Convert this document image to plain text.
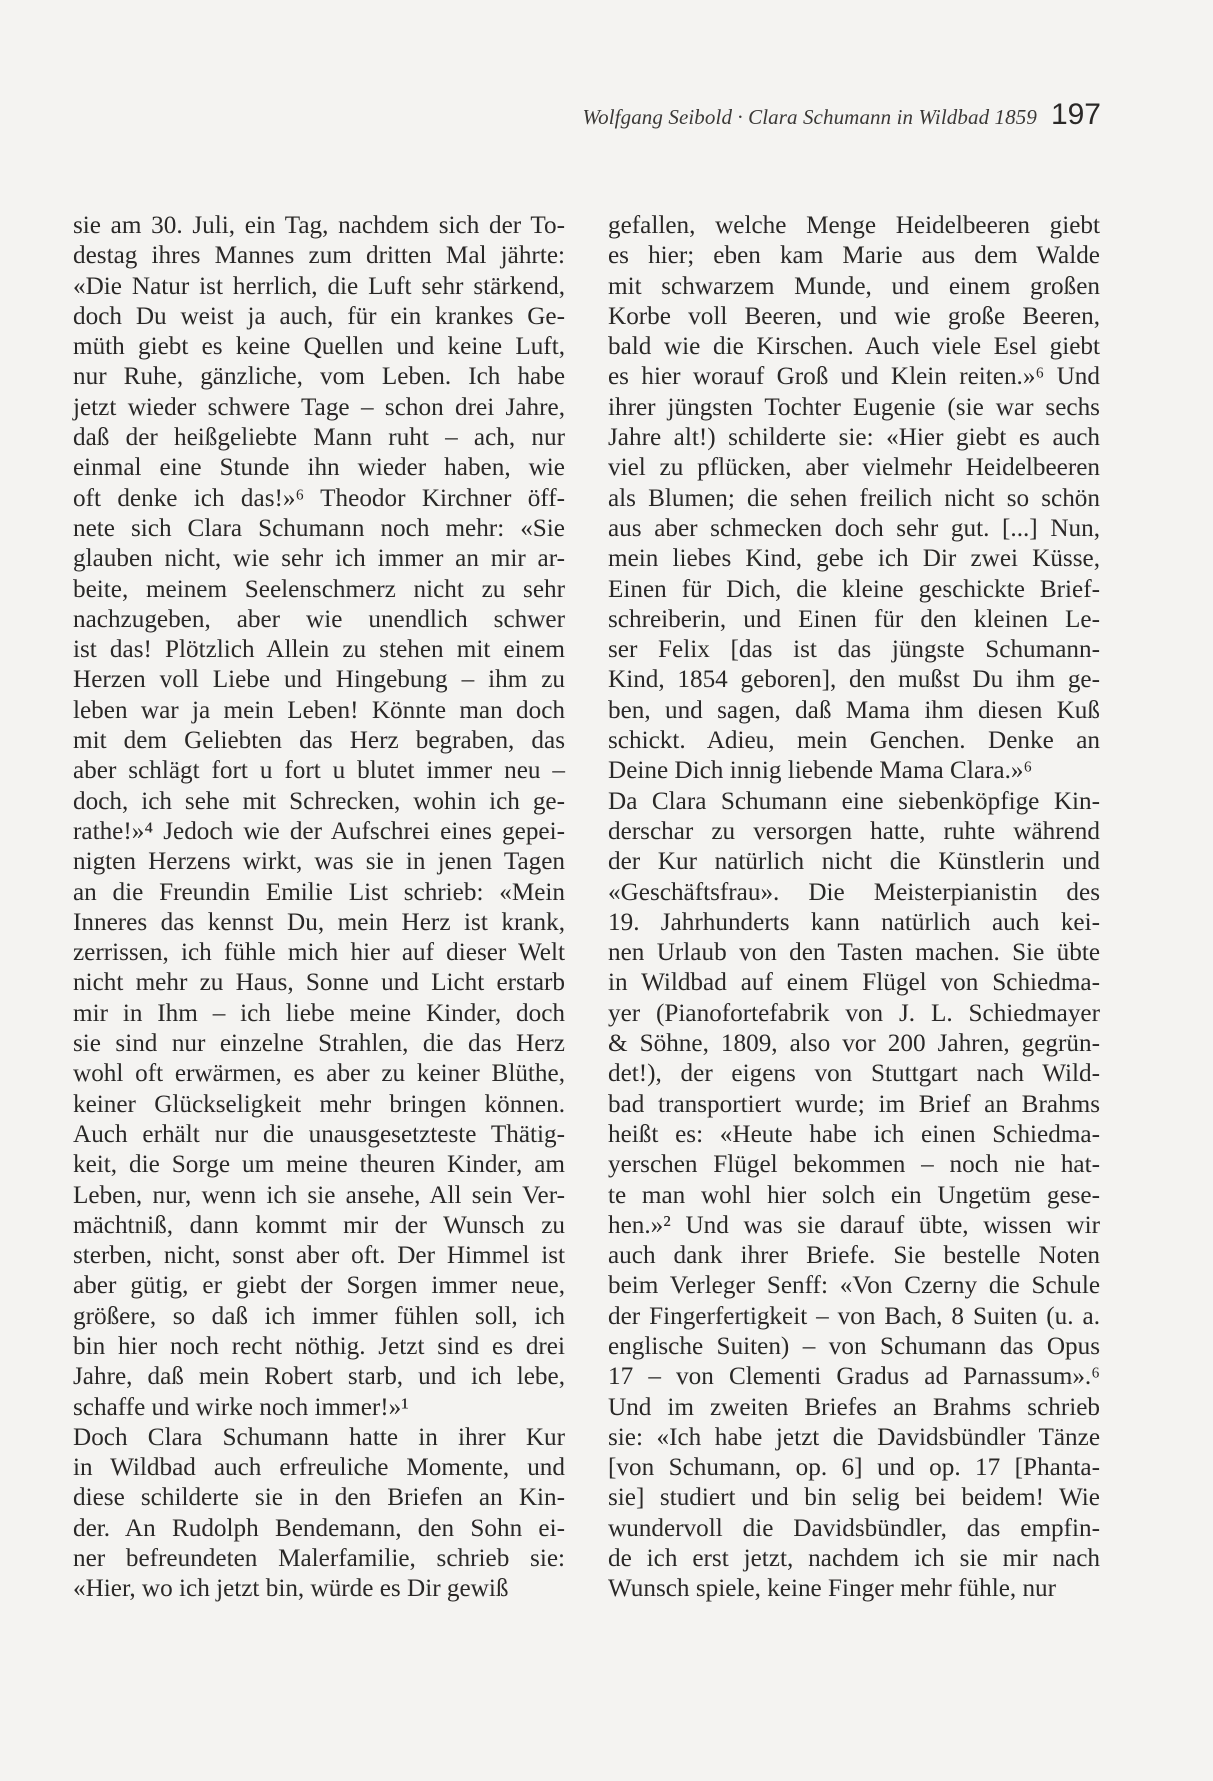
Wolfgang Seibold · Clara Schumann in Wildbad 1859 197
sie am 30. Juli, ein Tag, nachdem sich der To-
destag ihres Mannes zum dritten Mal jährte:
«Die Natur ist herrlich, die Luft sehr stärkend,
doch Du weist ja auch, für ein krankes Ge-
müth giebt es keine Quellen und keine Luft,
nur Ruhe, gänzliche, vom Leben. Ich habe
jetzt wieder schwere Tage – schon drei Jahre,
daß der heißgeliebte Mann ruht – ach, nur
einmal eine Stunde ihn wieder haben, wie
oft denke ich das!»⁶ Theodor Kirchner öff-
nete sich Clara Schumann noch mehr: «Sie
glauben nicht, wie sehr ich immer an mir ar-
beite, meinem Seelenschmerz nicht zu sehr
nachzugeben, aber wie unendlich schwer
ist das! Plötzlich Allein zu stehen mit einem
Herzen voll Liebe und Hingebung – ihm zu
leben war ja mein Leben! Könnte man doch
mit dem Geliebten das Herz begraben, das
aber schlägt fort u fort u blutet immer neu –
doch, ich sehe mit Schrecken, wohin ich ge-
rathe!»⁴ Jedoch wie der Aufschrei eines gepei-
nigten Herzens wirkt, was sie in jenen Tagen
an die Freundin Emilie List schrieb: «Mein
Inneres das kennst Du, mein Herz ist krank,
zerrissen, ich fühle mich hier auf dieser Welt
nicht mehr zu Haus, Sonne und Licht erstarb
mir in Ihm – ich liebe meine Kinder, doch
sie sind nur einzelne Strahlen, die das Herz
wohl oft erwärmen, es aber zu keiner Blüthe,
keiner Glückseligkeit mehr bringen können.
Auch erhält nur die unausgesetzteste Thätig-
keit, die Sorge um meine theuren Kinder, am
Leben, nur, wenn ich sie ansehe, All sein Ver-
mächtniß, dann kommt mir der Wunsch zu
sterben, nicht, sonst aber oft. Der Himmel ist
aber gütig, er giebt der Sorgen immer neue,
größere, so daß ich immer fühlen soll, ich
bin hier noch recht nöthig. Jetzt sind es drei
Jahre, daß mein Robert starb, und ich lebe,
schaffe und wirke noch immer!»¹
Doch Clara Schumann hatte in ihrer Kur
in Wildbad auch erfreuliche Momente, und
diese schilderte sie in den Briefen an Kin-
der. An Rudolph Bendemann, den Sohn ei-
ner befreundeten Malerfamilie, schrieb sie:
«Hier, wo ich jetzt bin, würde es Dir gewiß
gefallen, welche Menge Heidelbeeren giebt
es hier; eben kam Marie aus dem Walde
mit schwarzem Munde, und einem großen
Korbe voll Beeren, und wie große Beeren,
bald wie die Kirschen. Auch viele Esel giebt
es hier worauf Groß und Klein reiten.»⁶ Und
ihrer jüngsten Tochter Eugenie (sie war sechs
Jahre alt!) schilderte sie: «Hier giebt es auch
viel zu pflücken, aber vielmehr Heidelbeeren
als Blumen; die sehen freilich nicht so schön
aus aber schmecken doch sehr gut. [...] Nun,
mein liebes Kind, gebe ich Dir zwei Küsse,
Einen für Dich, die kleine geschickte Brief-
schreiberin, und Einen für den kleinen Le-
ser Felix [das ist das jüngste Schumann-
Kind, 1854 geboren], den mußst Du ihm ge-
ben, und sagen, daß Mama ihm diesen Kuß
schickt. Adieu, mein Genchen. Denke an
Deine Dich innig liebende Mama Clara.»⁶
Da Clara Schumann eine siebenköpfige Kin-
derschar zu versorgen hatte, ruhte während
der Kur natürlich nicht die Künstlerin und
«Geschäftsfrau». Die Meisterpianistin des
19. Jahrhunderts kann natürlich auch kei-
nen Urlaub von den Tasten machen. Sie übte
in Wildbad auf einem Flügel von Schiedma-
yer (Pianofortefabrik von J. L. Schiedmayer
& Söhne, 1809, also vor 200 Jahren, gegrün-
det!), der eigens von Stuttgart nach Wild-
bad transportiert wurde; im Brief an Brahms
heißt es: «Heute habe ich einen Schiedma-
yerschen Flügel bekommen – noch nie hat-
te man wohl hier solch ein Ungetüm gese-
hen.»² Und was sie darauf übte, wissen wir
auch dank ihrer Briefe. Sie bestelle Noten
beim Verleger Senff: «Von Czerny die Schule
der Fingerfertigkeit – von Bach, 8 Suiten (u. a.
englische Suiten) – von Schumann das Opus
17 – von Clementi Gradus ad Parnassum».⁶
Und im zweiten Briefes an Brahms schrieb
sie: «Ich habe jetzt die Davidsbündler Tänze
[von Schumann, op. 6] und op. 17 [Phanta-
sie] studiert und bin selig bei beidem! Wie
wundervoll die Davidsbündler, das empfin-
de ich erst jetzt, nachdem ich sie mir nach
Wunsch spiele, keine Finger mehr fühle, nur
